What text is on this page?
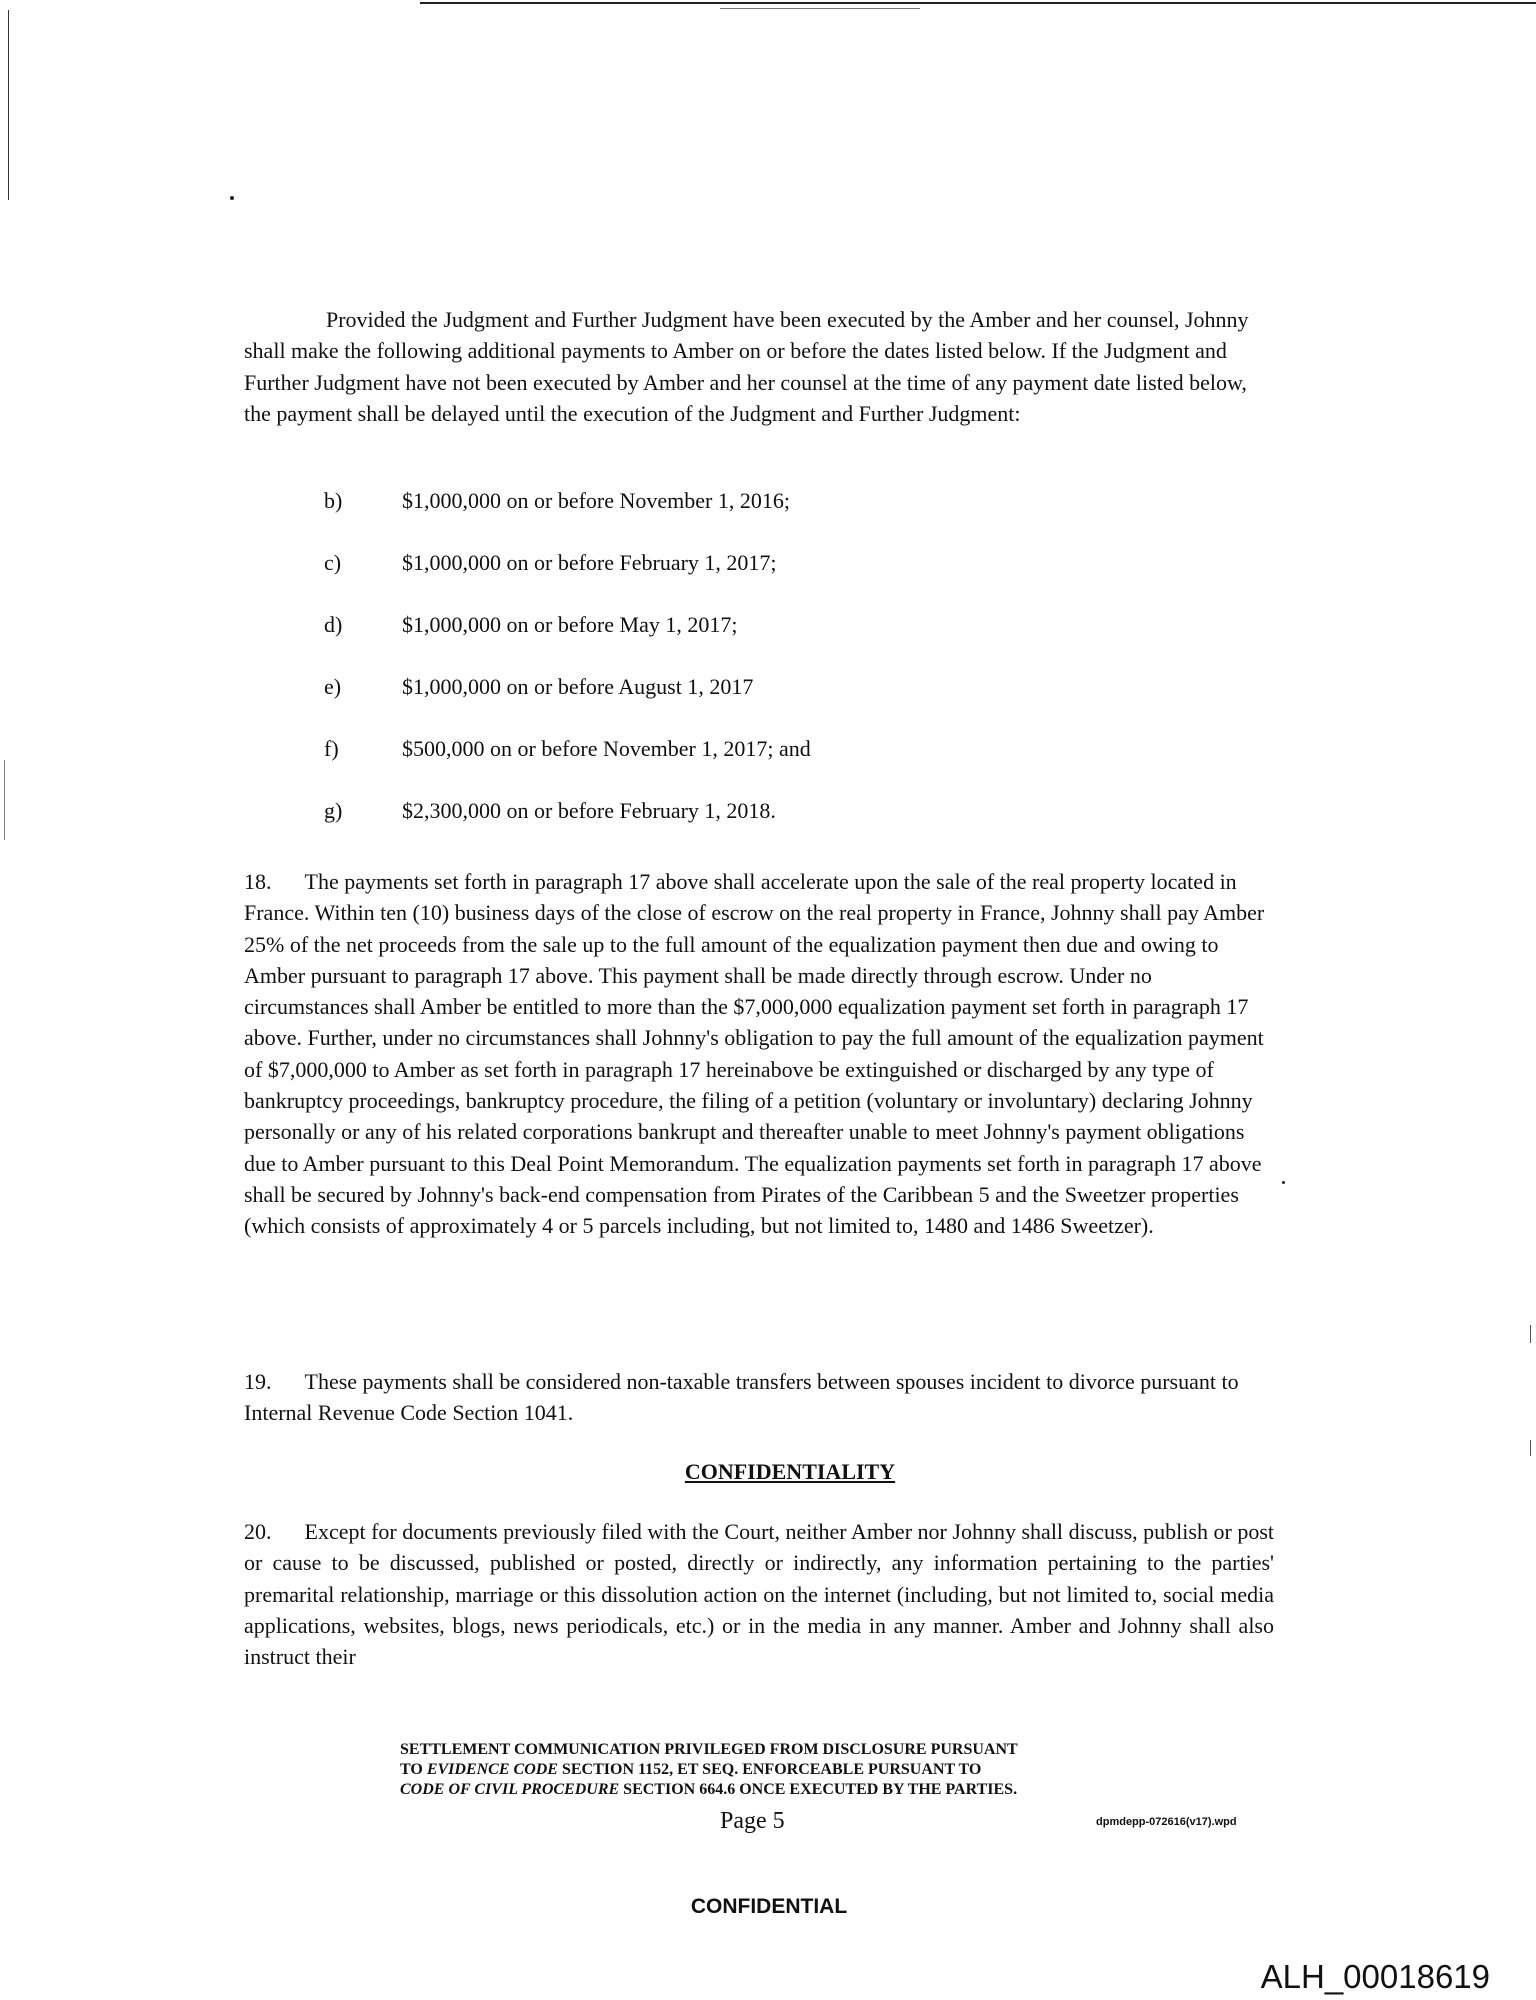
Provided the Judgment and Further Judgment have been executed by the Amber and her counsel, Johnny shall make the following additional payments to Amber on or before the dates listed below. If the Judgment and Further Judgment have not been executed by Amber and her counsel at the time of any payment date listed below, the payment shall be delayed until the execution of the Judgment and Further Judgment:

b)	$1,000,000 on or before November 1, 2016;
c)	$1,000,000 on or before February 1, 2017;
d)	$1,000,000 on or before May 1, 2017;
e)	$1,000,000 on or before August 1, 2017
f)	$500,000 on or before November 1, 2017; and
g)	$2,300,000 on or before February 1, 2018.

18.  The payments set forth in paragraph 17 above shall accelerate upon the sale of the real property located in France. Within ten (10) business days of the close of escrow on the real property in France, Johnny shall pay Amber 25% of the net proceeds from the sale up to the full amount of the equalization payment then due and owing to Amber pursuant to paragraph 17 above. This payment shall be made directly through escrow. Under no circumstances shall Amber be entitled to more than the $7,000,000 equalization payment set forth in paragraph 17 above. Further, under no circumstances shall Johnny's obligation to pay the full amount of the equalization payment of $7,000,000 to Amber as set forth in paragraph 17 hereinabove be extinguished or discharged by any type of bankruptcy proceedings, bankruptcy procedure, the filing of a petition (voluntary or involuntary) declaring Johnny personally or any of his related corporations bankrupt and thereafter unable to meet Johnny's payment obligations due to Amber pursuant to this Deal Point Memorandum. The equalization payments set forth in paragraph 17 above shall be secured by Johnny's back-end compensation from Pirates of the Caribbean 5 and the Sweetzer properties (which consists of approximately 4 or 5 parcels including, but not limited to, 1480 and 1486 Sweetzer).

19.  These payments shall be considered non-taxable transfers between spouses incident to divorce pursuant to Internal Revenue Code Section 1041.

CONFIDENTIALITY

20.  Except for documents previously filed with the Court, neither Amber nor Johnny shall discuss, publish or post or cause to be discussed, published or posted, directly or indirectly, any information pertaining to the parties' premarital relationship, marriage or this dissolution action on the internet (including, but not limited to, social media applications, websites, blogs, news periodicals, etc.) or in the media in any manner. Amber and Johnny shall also instruct their

SETTLEMENT COMMUNICATION PRIVILEGED FROM DISCLOSURE PURSUANT
TO EVIDENCE CODE SECTION 1152, ET SEQ. ENFORCEABLE PURSUANT TO
CODE OF CIVIL PROCEDURE SECTION 664.6 ONCE EXECUTED BY THE PARTIES.
Page 5	dpmdepp-072616(v17).wpd
CONFIDENTIAL
ALH_00018619
